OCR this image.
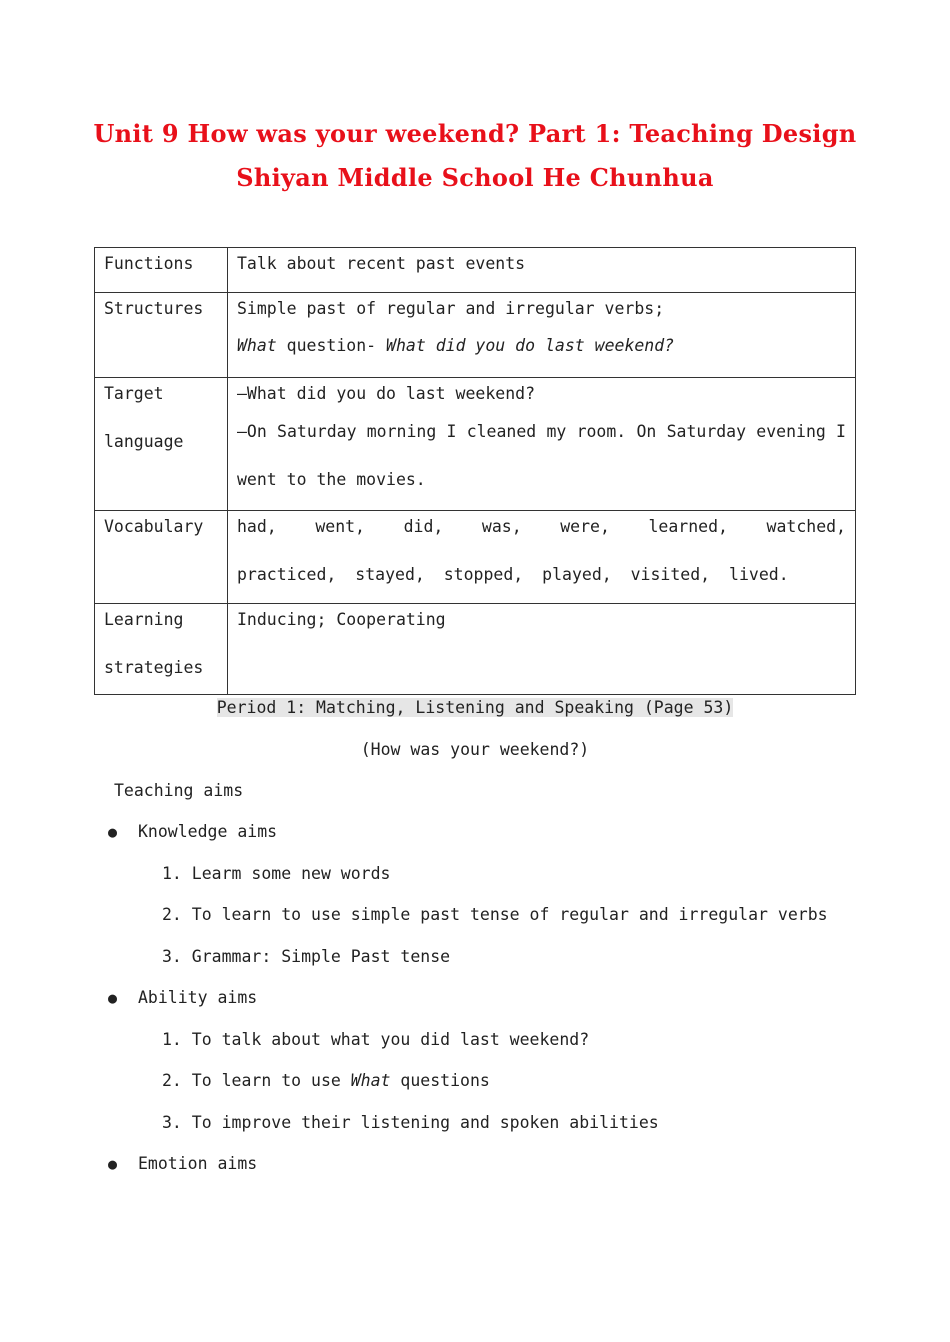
Unit 9 How was your weekend? Part 1: Teaching Design
Shiyan Middle School He Chunhua
Functions	Talk about recent past events

Structures	Simple past of regular and irregular verbs;
What question- What did you do last weekend?

Target language	—What did you do last weekend?
—On Saturday morning I cleaned my room. On Saturday evening I went to the movies.

Vocabulary	had, went, did, was, were, learned, watched, practiced, stayed, stopped, played, visited, lived.

Learning strategies	Inducing; Cooperating
Period 1: Matching, Listening and Speaking (Page 53)
(How was your weekend?)
Teaching aims
● Knowledge aims
1. Learm some new words
2. To learn to use simple past tense of regular and irregular verbs
3. Grammar: Simple Past tense
● Ability aims
1. To talk about what you did last weekend?
2. To learn to use What questions
3. To improve their listening and spoken abilities
● Emotion aims
